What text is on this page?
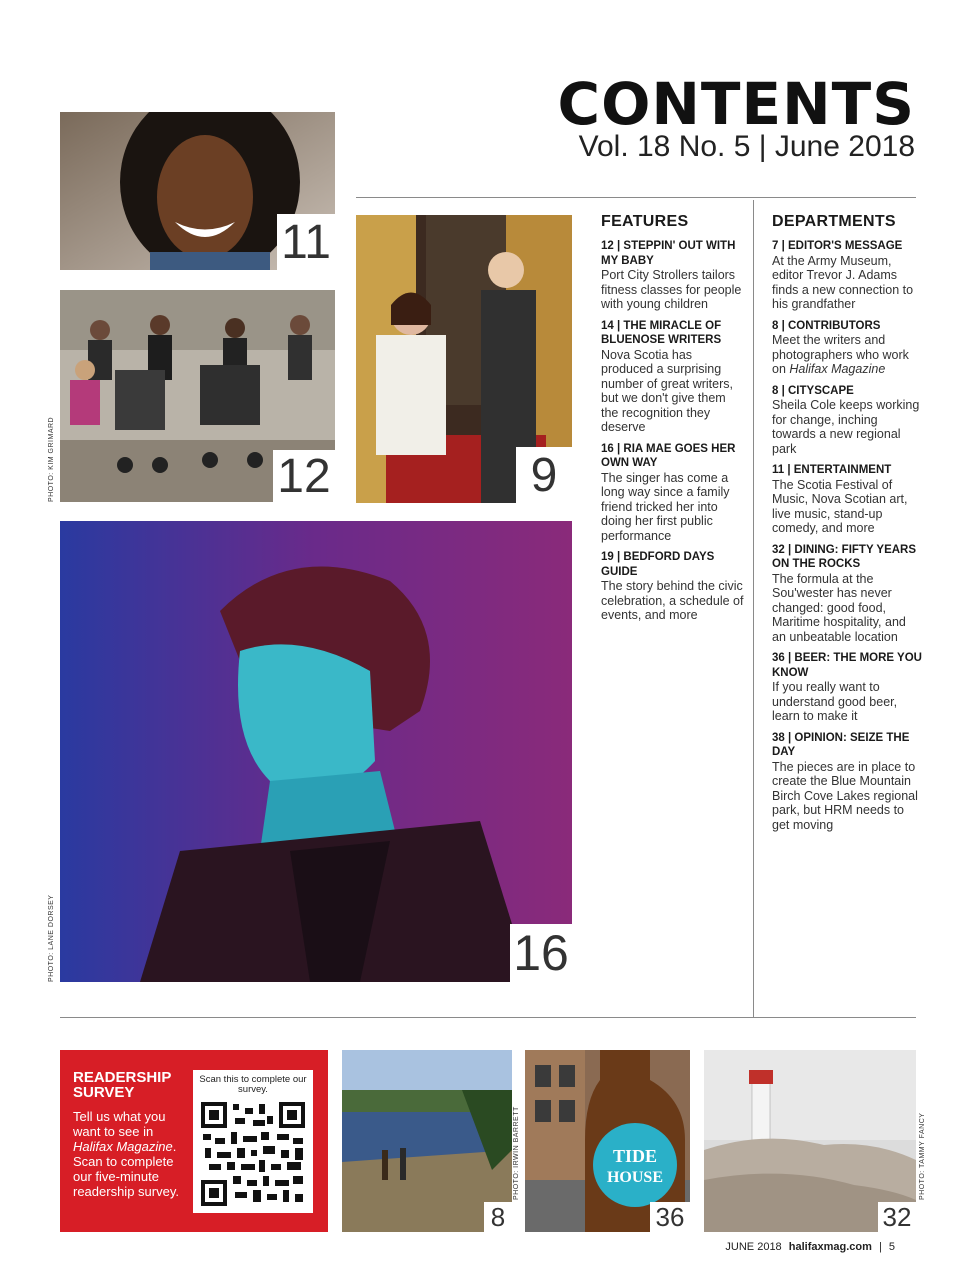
CONTENTS
Vol. 18 No. 5 | June 2018
11
12
PHOTO: KIM GRIMARD	9
16
PHOTO: LANE DORSEY
FEATURES
12 | STEPPIN' OUT WITH MY BABY
Port City Strollers tailors fitness classes for people with young children
14 | THE MIRACLE OF BLUENOSE WRITERS
Nova Scotia has produced a surprising number of great writers, but we don't give them the recognition they deserve
16 | RIA MAE GOES HER OWN WAY
The singer has come a long way since a family friend tricked her into doing her first public performance
19 | BEDFORD DAYS GUIDE
The story behind the civic celebration, a schedule of events, and more
DEPARTMENTS
7 | EDITOR'S MESSAGE
At the Army Museum, editor Trevor J. Adams finds a new connection to his grandfather
8 | CONTRIBUTORS
Meet the writers and photographers who work on Halifax Magazine
8 | CITYSCAPE
Sheila Cole keeps working for change, inching towards a new regional park
11 | ENTERTAINMENT
The Scotia Festival of Music, Nova Scotian art, live music, stand-up comedy, and more
32 | DINING: FIFTY YEARS ON THE ROCKS
The formula at the Sou'wester has never changed: good food, Maritime hospitality, and an unbeatable location
36 | BEER: THE MORE YOU KNOW
If you really want to understand good beer, learn to make it
38 | OPINION: SEIZE THE DAY
The pieces are in place to create the Blue Mountain Birch Cove Lakes regional park, but HRM needs to get moving
READERSHIP
SURVEY

Tell us what you want to see in Halifax Magazine. Scan to complete our five-minute readership survey.

Scan this to complete our survey.
8
PHOTO: IRWIN BARRETT	TIDE
HOUSE
36	32
PHOTO: TAMMY FANCY
JUNE 2018 halifaxmag.com | 5
